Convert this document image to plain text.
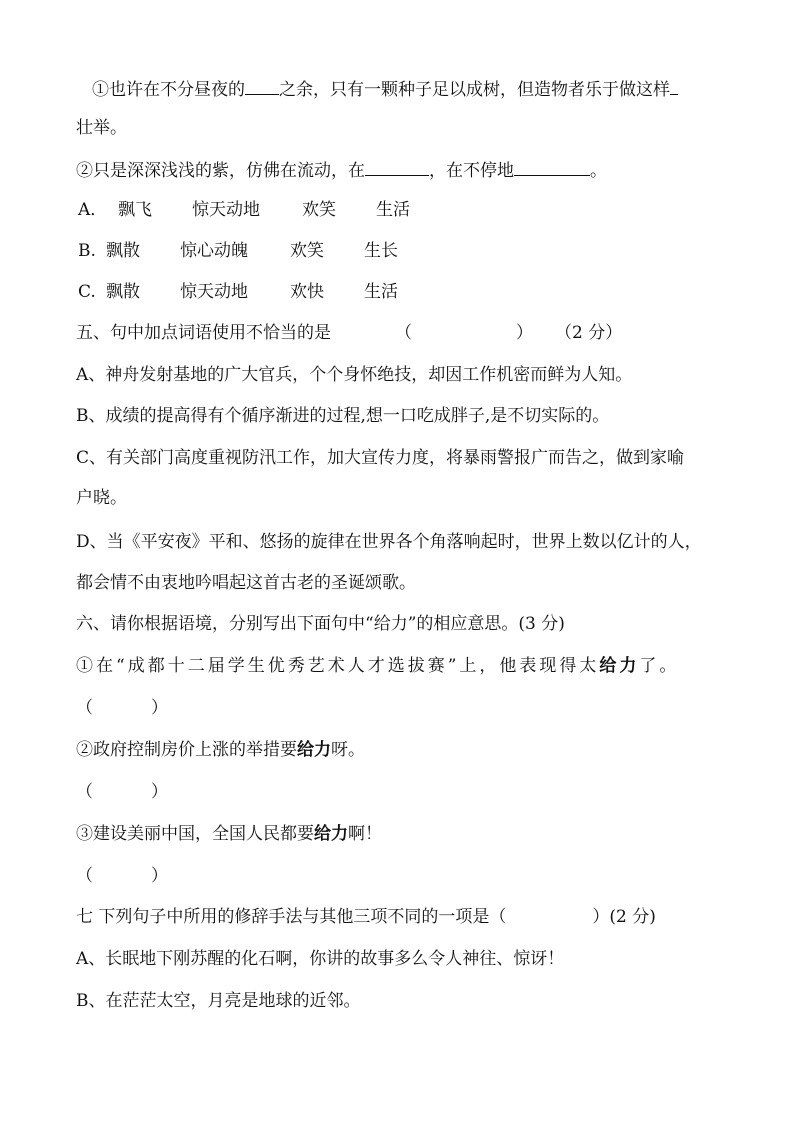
①也许在不分昼夜的 之余，只有一颗种子足以成树，但造物者乐于做这样
壮举。
②只是深深浅浅的紫，仿佛在流动，在	，在不停地	。
A． 飘飞 惊天动地 欢笑 生活
B. 飘散 惊心动魄 欢笑 生长
C. 飘散 惊天动地 欢快 生活
五、句中加点词语使用不恰当的是	（	） （2 分）
A、神舟发射基地的广大官兵，个个身怀绝技，却因工作机密而鲜为人知。
B、成绩的提高得有个循序渐进的过程,想一口吃成胖子,是不切实际的。
C、有关部门高度重视防汛工作，加大宣传力度，将暴雨警报广而告之，做到家喻
户晓。
D、当《平安夜》平和、悠扬的旋律在世界各个角落响起时，世界上数以亿计的人，
都会情不由衷地吟唱起这首古老的圣诞颂歌。
六、请你根据语境，分别写出下面句中“给力”的相应意思。(3 分)
①在“成都十二届学生优秀艺术人才选拔赛”上，他表现得太给力了。
（	）
②政府控制房价上涨的举措要给力呀。
（	）
③建设美丽中国，全国人民都要给力啊！
（	）
七 下列句子中所用的修辞手法与其他三项不同的一项是（	）(2 分)
A、长眠地下刚苏醒的化石啊，你讲的故事多么令人神往、惊讶！
B、在茫茫太空，月亮是地球的近邻。
